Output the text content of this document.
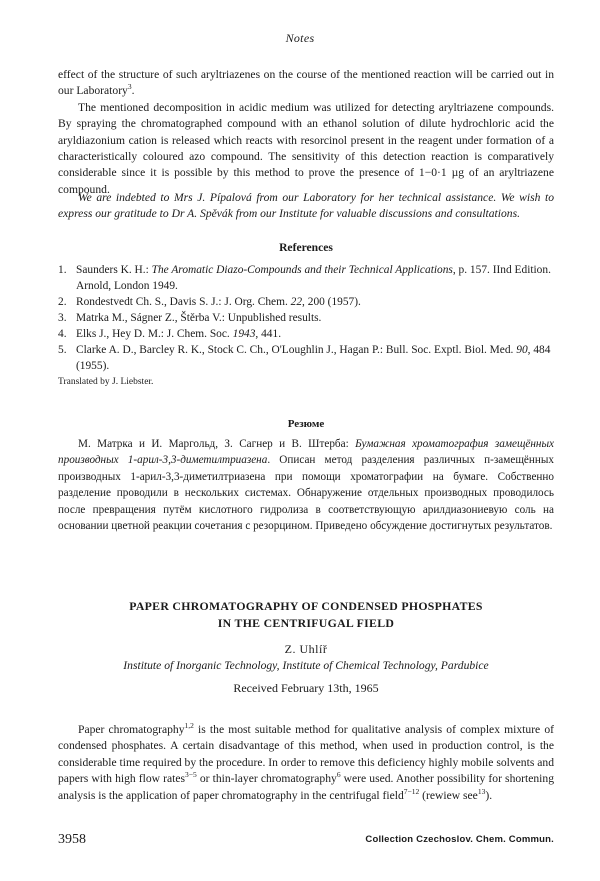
Notes

effect of the structure of such aryltriazenes on the course of the mentioned reaction will be carried out in our Laboratory$^3$.

The mentioned decomposition in acidic medium was utilized for detecting aryltriazene compounds. By spraying the chromatographed compound with an ethanol solution of dilute hydrochloric acid the aryldiazonium cation is released which reacts with resorcinol present in the reagent under formation of a characteristically coloured azo compound. The sensitivity of this detection reaction is comparatively considerable since it is possible by this method to prove the presence of 1−0·1 µg of an aryltriazene compound.

We are indebted to Mrs J. Pípalová from our Laboratory for her technical assistance. We wish to express our gratitude to Dr A. Spěvák from our Institute for valuable discussions and consultations.

References

1. Saunders K. H.: The Aromatic Diazo-Compounds and their Technical Applications, p. 157. IInd Edition. Arnold, London 1949.
2. Rondestvedt Ch. S., Davis S. J.: J. Org. Chem. 22, 200 (1957).
3. Matrka M., Ságner Z., Štěrba V.: Unpublished results.
4. Elks J., Hey D. M.: J. Chem. Soc. 1943, 441.
5. Clarke A. D., Barcley R. K., Stock C. Ch., O'Loughlin J., Hagan P.: Bull. Soc. Exptl. Biol. Med. 90, 484 (1955).

Translated by J. Liebster.

Резюме

М. Матрка и И. Маргольд, З. Сагнер и В. Штерба: Бумажная хроматография замещённых производных 1-арил-3,3-диметилтриазена. Описан метод разделения различных п-замещённых производных 1-арил-3,3-диметилтриазена при помощи хроматографии на бумаге. Собственно разделение проводили в нескольких системах. Обнаружение отдельных производных проводилось после превращения путём кислотного гидролиза в соответствующую арилдиазониевую соль на основании цветной реакции сочетания с резорцином. Приведено обсуждение достигнутых результатов.

PAPER CHROMATOGRAPHY OF CONDENSED PHOSPHATES

IN THE CENTRIFUGAL FIELD

Z. Uhlíř

Institute of Inorganic Technology, Institute of Chemical Technology, Pardubice

Received February 13th, 1965

Paper chromatography$^{1,2}$ is the most suitable method for qualitative analysis of complex mixture of condensed phosphates. A certain disadvantage of this method, when used in production control, is the considerable time required by the procedure. In order to remove this deficiency highly mobile solvents and papers with high flow rates$^{3-5}$ or thin-layer chromatography$^6$ were used. Another possibility for shortening analysis is the application of paper chromatography in the centrifugal field$^{7-12}$ (rewiew see$^{13}$).

3958	Collection Czechoslov. Chem. Commun.
